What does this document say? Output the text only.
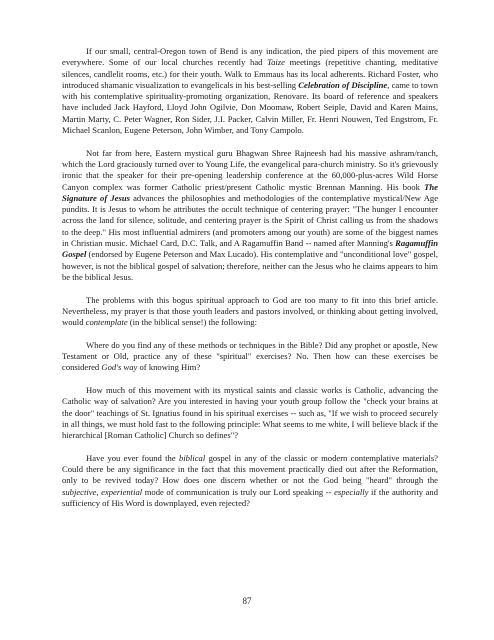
If our small, central-Oregon town of Bend is any indication, the pied pipers of this movement are everywhere. Some of our local churches recently had Taize meetings (repetitive chanting, meditative silences, candlelit rooms, etc.) for their youth. Walk to Emmaus has its local adherents. Richard Foster, who introduced shamanic visualization to evangelicals in his best-selling Celebration of Discipline, came to town with his contemplative spirituality-promoting organization, Renovare. Its board of reference and speakers have included Jack Hayford, Lloyd John Ogilvie, Don Moomaw, Robert Seiple, David and Karen Mains, Martin Marty, C. Peter Wagner, Ron Sider, J.I. Packer, Calvin Miller, Fr. Henri Nouwen, Ted Engstrom, Fr. Michael Scanlon, Eugene Peterson, John Wimber, and Tony Campolo.

Not far from here, Eastern mystical guru Bhagwan Shree Rajneesh had his massive ashram/ranch, which the Lord graciously turned over to Young Life, the evangelical para-church ministry. So it's grievously ironic that the speaker for their pre-opening leadership conference at the 60,000-plus-acres Wild Horse Canyon complex was former Catholic priest/present Catholic mystic Brennan Manning. His book The Signature of Jesus advances the philosophies and methodologies of the contemplative mystical/New Age pundits. It is Jesus to whom he attributes the occult technique of centering prayer: "The hunger I encounter across the land for silence, solitude, and centering prayer is the Spirit of Christ calling us from the shadows to the deep." His most influential admirers (and promoters among our youth) are some of the biggest names in Christian music. Michael Card, D.C. Talk, and A Ragamuffin Band -- named after Manning's Ragamuffin Gospel (endorsed by Eugene Peterson and Max Lucado). His contemplative and "unconditional love" gospel, however, is not the biblical gospel of salvation; therefore, neither can the Jesus who he claims appears to him be the biblical Jesus.

The problems with this bogus spiritual approach to God are too many to fit into this brief article. Nevertheless, my prayer is that those youth leaders and pastors involved, or thinking about getting involved, would contemplate (in the biblical sense!) the following:

Where do you find any of these methods or techniques in the Bible? Did any prophet or apostle, New Testament or Old, practice any of these "spiritual" exercises? No. Then how can these exercises be considered God's way of knowing Him?

How much of this movement with its mystical saints and classic works is Catholic, advancing the Catholic way of salvation? Are you interested in having your youth group follow the "check your brains at the door" teachings of St. Ignatius found in his spiritual exercises -- such as, "If we wish to proceed securely in all things, we must hold fast to the following principle: What seems to me white, I will believe black if the hierarchical [Roman Catholic] Church so defines"?

Have you ever found the biblical gospel in any of the classic or modern contemplative materials? Could there be any significance in the fact that this movement practically died out after the Reformation, only to be revived today? How does one discern whether or not the God being "heard" through the subjective, experiential mode of communication is truly our Lord speaking -- especially if the authority and sufficiency of His Word is downplayed, even rejected?

87
